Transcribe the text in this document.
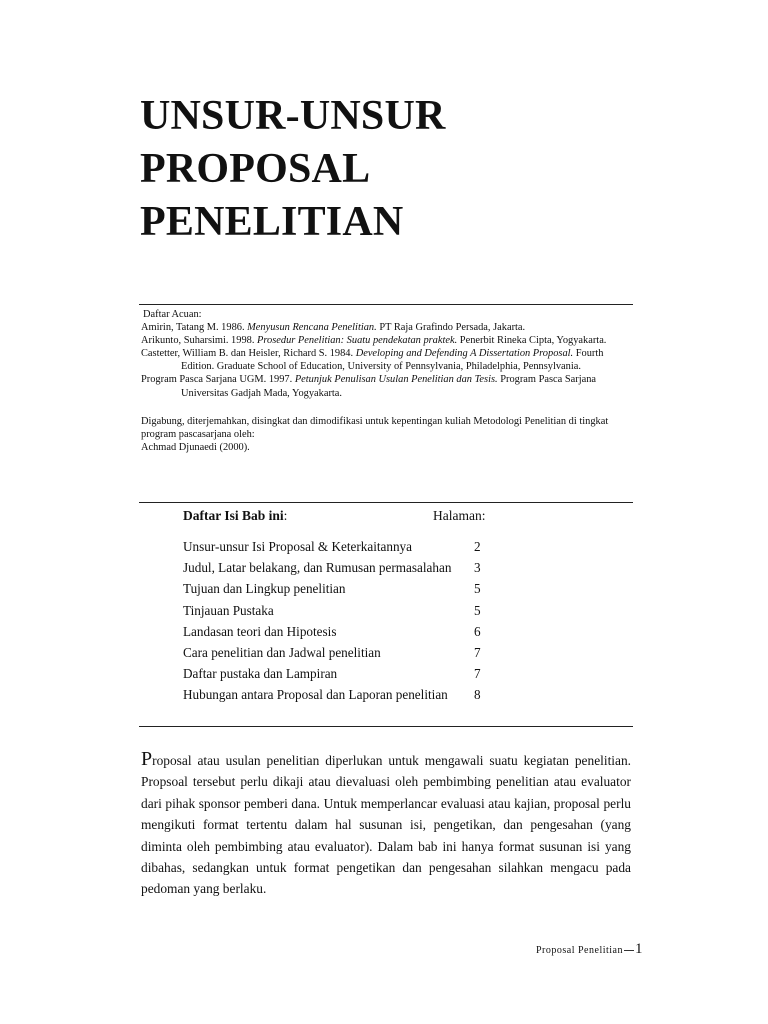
UNSUR-UNSUR
PROPOSAL
PENELITIAN
Daftar Acuan:
Amirin, Tatang M. 1986. Menyusun Rencana Penelitian. PT Raja Grafindo Persada, Jakarta.
Arikunto, Suharsimi. 1998. Prosedur Penelitian: Suatu pendekatan praktek. Penerbit Rineka Cipta, Yogyakarta.
Castetter, William B. dan Heisler, Richard S. 1984. Developing and Defending A Dissertation Proposal. Fourth Edition. Graduate School of Education, University of Pennsylvania, Philadelphia, Pennsylvania.
Program Pasca Sarjana UGM. 1997. Petunjuk Penulisan Usulan Penelitian dan Tesis. Program Pasca Sarjana Universitas Gadjah Mada, Yogyakarta.
Digabung, diterjemahkan, disingkat dan dimodifikasi untuk kepentingan kuliah Metodologi Penelitian di tingkat program pascasarjana oleh:
Achmad Djunaedi (2000).
Daftar Isi Bab ini:	Halaman:
Unsur-unsur Isi Proposal & Keterkaitannya	2
Judul, Latar belakang, dan Rumusan permasalahan 3
Tujuan dan Lingkup penelitian	5
Tinjauan Pustaka	5
Landasan teori dan Hipotesis	6
Cara penelitian dan Jadwal penelitian	7
Daftar pustaka dan Lampiran	7
Hubungan antara Proposal dan Laporan penelitian 8

Proposal atau usulan penelitian diperlukan untuk mengawali suatu kegiatan penelitian. Propsoal tersebut perlu dikaji atau dievaluasi oleh pembimbing penelitian atau evaluator dari pihak sponsor pemberi dana. Untuk memperlancar evaluasi atau kajian, proposal perlu mengikuti format tertentu dalam hal susunan isi, pengetikan, dan pengesahan (yang diminta oleh pembimbing atau evaluator). Dalam bab ini hanya format susunan isi yang dibahas, sedangkan untuk format pengetikan dan pengesahan silahkan mengacu pada pedoman yang berlaku.

Proposal Penelitian 1
